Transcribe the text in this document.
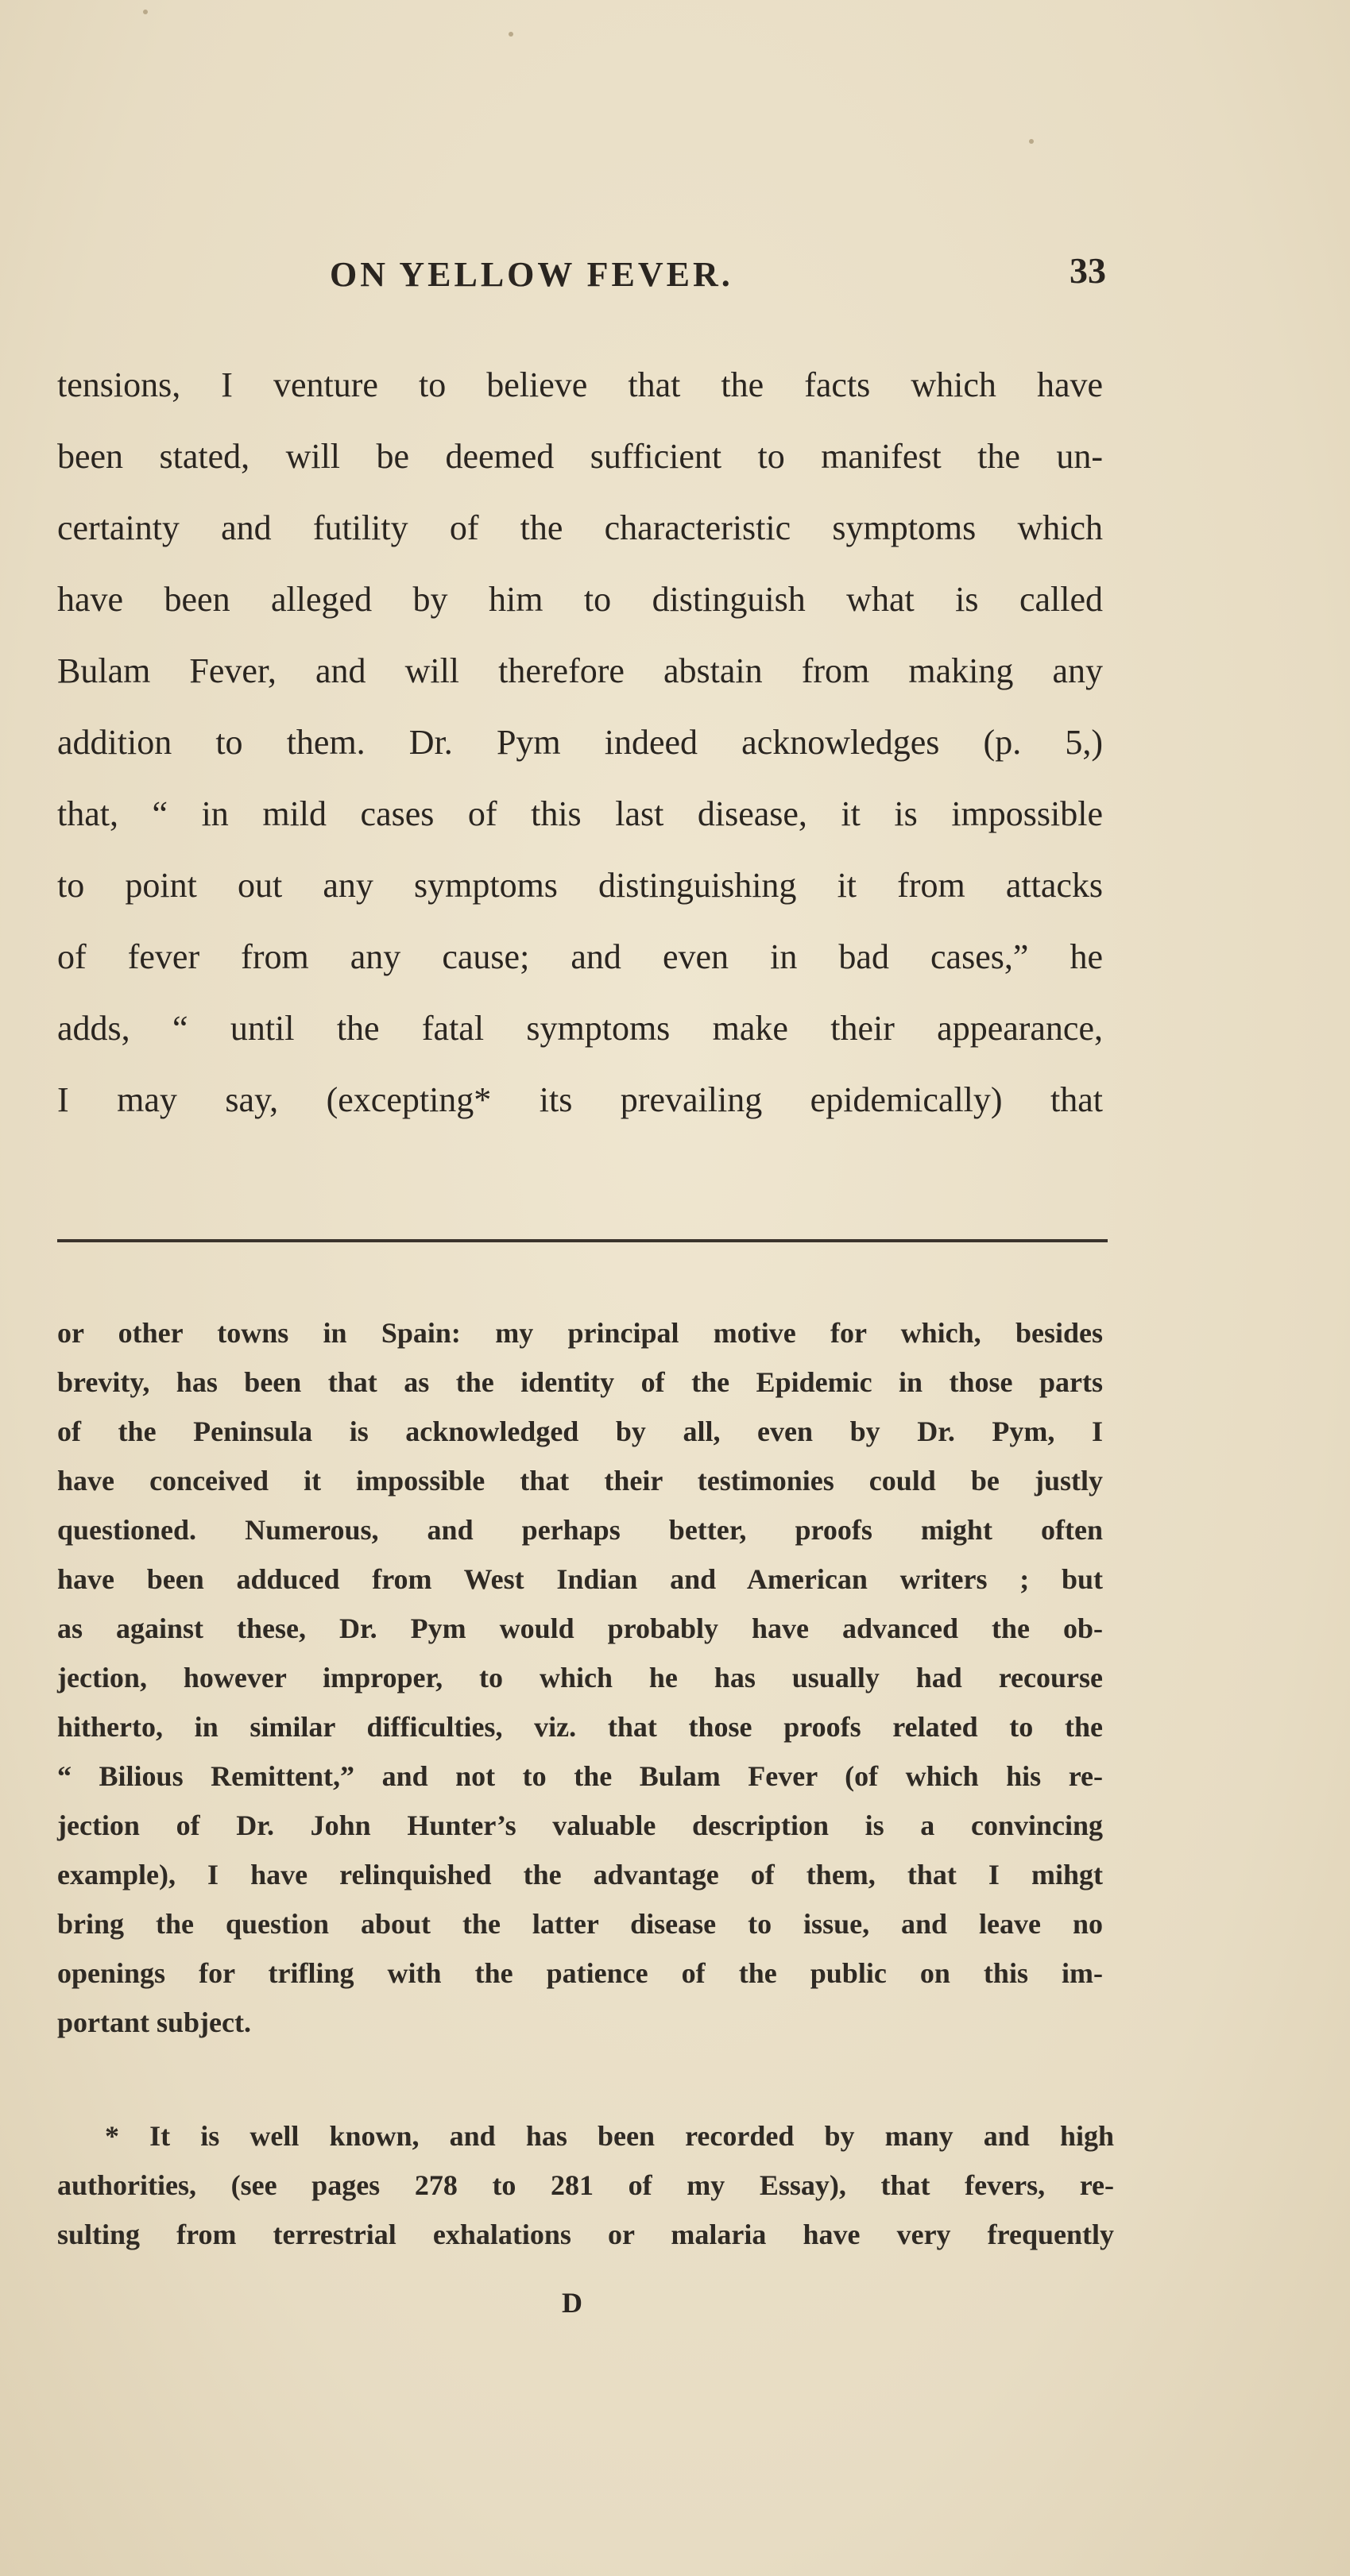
ON YELLOW FEVER.	33
tensions, I venture to believe that the facts which have
been stated, will be deemed sufficient to manifest the un-
certainty and futility of the characteristic symptoms which
have been alleged by him to distinguish what is called
Bulam Fever, and will therefore abstain from making any
addition to them. Dr. Pym indeed acknowledges (p. 5,)
that, “ in mild cases of this last disease, it is impossible
to point out any symptoms distinguishing it from attacks
of fever from any cause; and even in bad cases,” he
adds, “ until the fatal symptoms make their appearance,
I may say, (excepting* its prevailing epidemically) that
or other towns in Spain: my principal motive for which, besides
brevity, has been that as the identity of the Epidemic in those parts
of the Peninsula is acknowledged by all, even by Dr. Pym, I
have conceived it impossible that their testimonies could be justly
questioned. Numerous, and perhaps better, proofs might often
have been adduced from West Indian and American writers ; but
as against these, Dr. Pym would probably have advanced the ob-
jection, however improper, to which he has usually had recourse
hitherto, in similar difficulties, viz. that those proofs related to the
“ Bilious Remittent,” and not to the Bulam Fever (of which his re-
jection of Dr. John Hunter’s valuable description is a convincing
example), I have relinquished the advantage of them, that I mihgt
bring the question about the latter disease to issue, and leave no
openings for trifling with the patience of the public on this im-
portant subject.
* It is well known, and has been recorded by many and high
authorities, (see pages 278 to 281 of my Essay), that fevers, re-
sulting from terrestrial exhalations or malaria have very frequently
D
